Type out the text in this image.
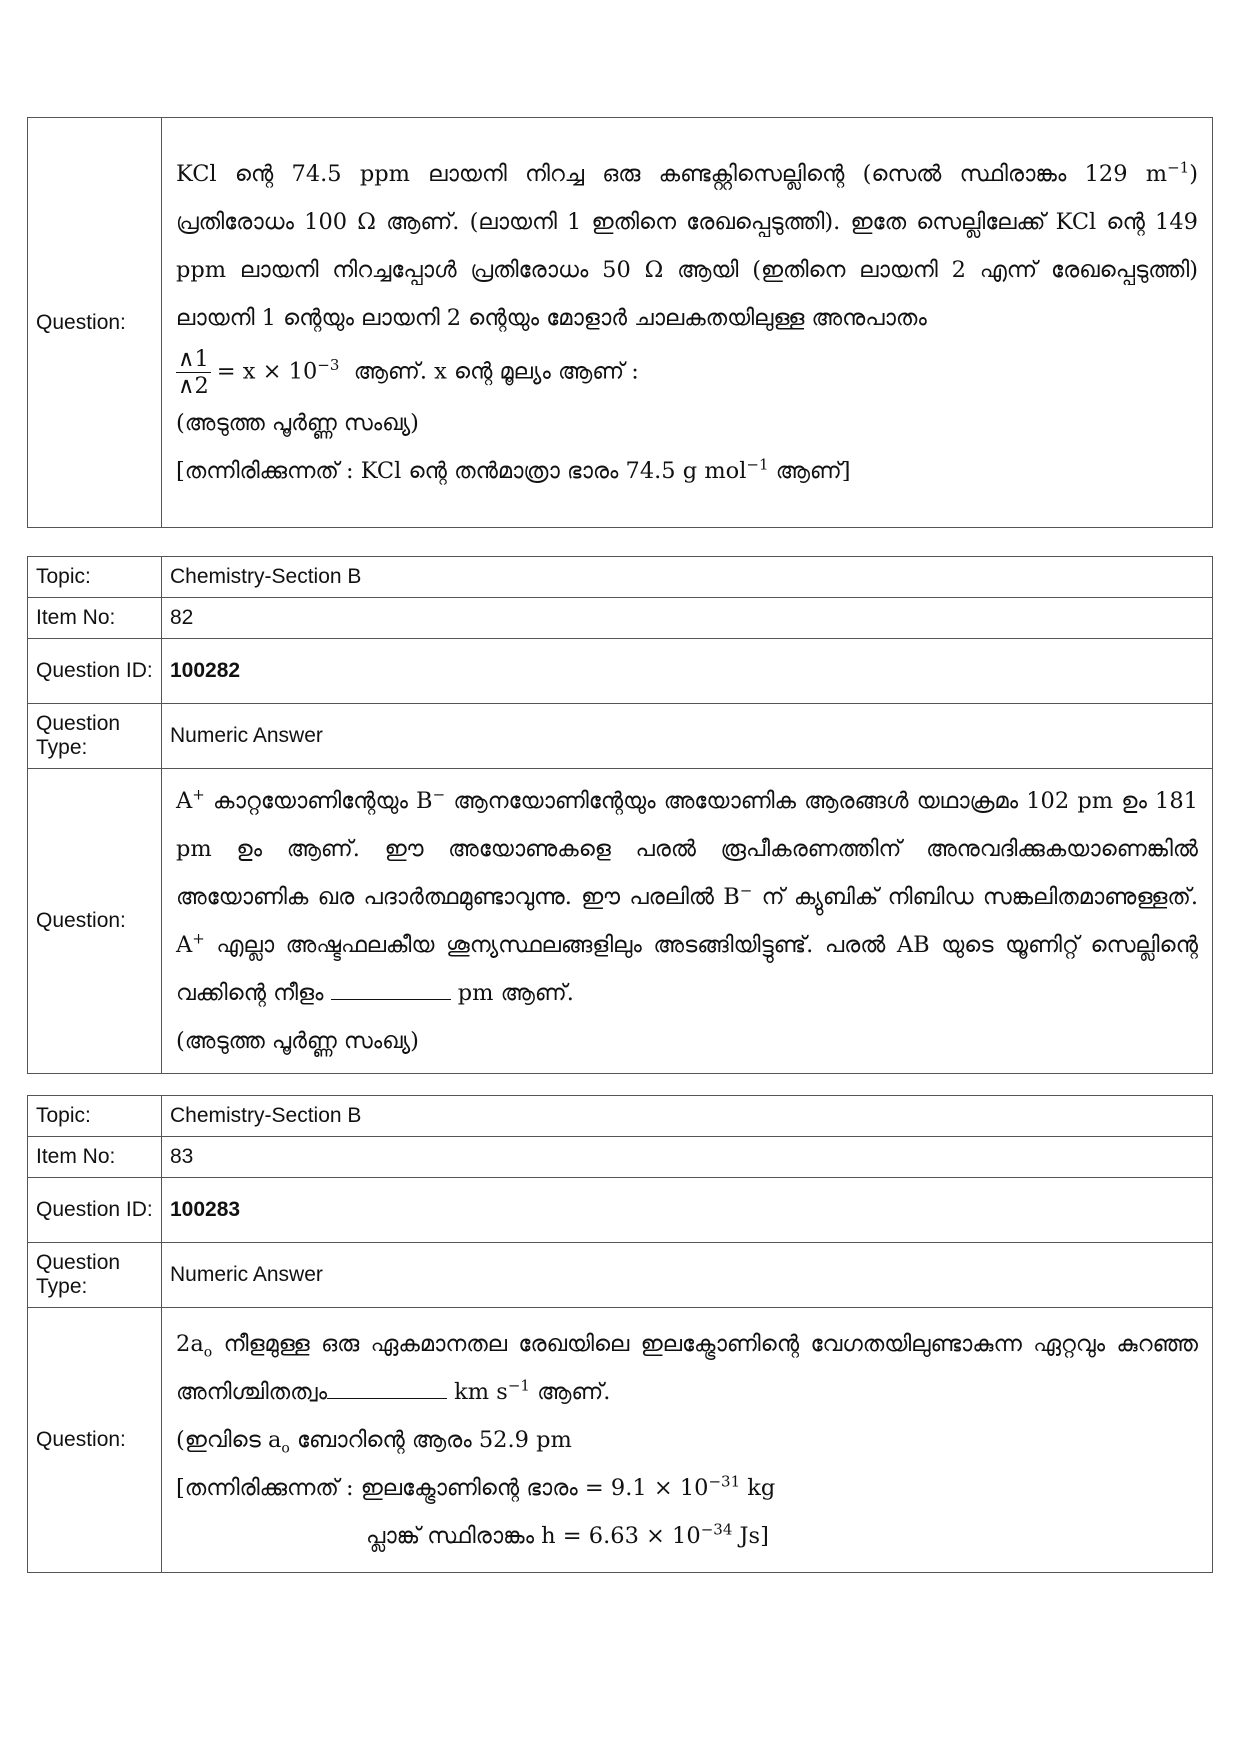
Question:	

KCl ന്റെ 74.5 ppm ലായനി നിറച്ച ഒരു കണ്ടക്റ്റിസെല്ലിന്റെ (സെൽ സ്ഥിരാങ്കം 129 $m^{-1}$) പ്രതിരോധം 100 Ω ആണ്. (ലായനി 1 ഇതിനെ രേഖപ്പെടുത്തി). ഇതേ സെല്ലിലേക്ക് KCl ന്റെ 149 ppm ലായനി നിറച്ചപ്പോൾ പ്രതിരോധം 50 Ω ആയി (ഇതിനെ ലായനി 2 എന്ന് രേഖപ്പെടുത്തി) ലായനി 1 ന്റെയും ലായനി 2 ന്റെയും മോളാർ ചാലകതയിലുള്ള അനുപാതം

$\frac{\wedge 1}{\wedge 2} = x \times 10^{-3}$ ആണ്. x ന്റെ മൂല്യം ആണ് :

(അടുത്ത പൂർണ്ണ സംഖ്യ)

[തന്നിരിക്കുന്നത് : KCl ന്റെ തൻമാത്രാ ഭാരം 74.5 g mol$^{-1}$ ആണ്]

Topic:	Chemistry-Section B
Item No:	82
Question ID:	100282
Question Type:	Numeric Answer
Question:	A+ കാറ്റയോണിന്റേയും B− ആനയോണിന്റേയും അയോണിക ആരങ്ങൾ യഥാക്രമം 102 pm ഉം 181 pm ഉം ആണ്. ഈ അയോണുകളെ പരൽ രൂപീകരണത്തിന് അനുവദിക്കുകയാണെങ്കിൽ അയോണിക ഖര പദാർത്ഥമുണ്ടാവുന്നു. ഈ പരലിൽ B− ന് ക്യുബിക് നിബിഡ സങ്കലിതമാണുള്ളത്. A+ എല്ലാ അഷ്ടഫലകീയ ശൂന്യസ്ഥലങ്ങളിലും അടങ്ങിയിട്ടുണ്ട്. പരൽ AB യുടെ യൂണിറ്റ് സെല്ലിന്റെ വക്കിന്റെ നീളം pm ആണ്.

(അടുത്ത പൂർണ്ണ സംഖ്യ)

Topic:	Chemistry-Section B
Item No:	83
Question ID:	100283
Question Type:	Numeric Answer
Question:	$2a_o$ നീളമുള്ള ഒരു ഏകമാനതല രേഖയിലെ ഇലക്ട്രോണിന്റെ വേഗതയിലുണ്ടാകുന്ന ഏറ്റവും കുറഞ്ഞ അനിശ്ചിതത്വം km $s^{-1}$ ആണ്.

(ഇവിടെ $a_o$ ബോറിന്റെ ആരം 52.9 pm

[തന്നിരിക്കുന്നത് : ഇലക്ട്രോണിന്റെ ഭാരം = $9.1 \times 10^{-31}$ kg

പ്ലാങ്ക് സ്ഥിരാങ്കം $h = 6.63 \times 10^{-34}$ Js]
